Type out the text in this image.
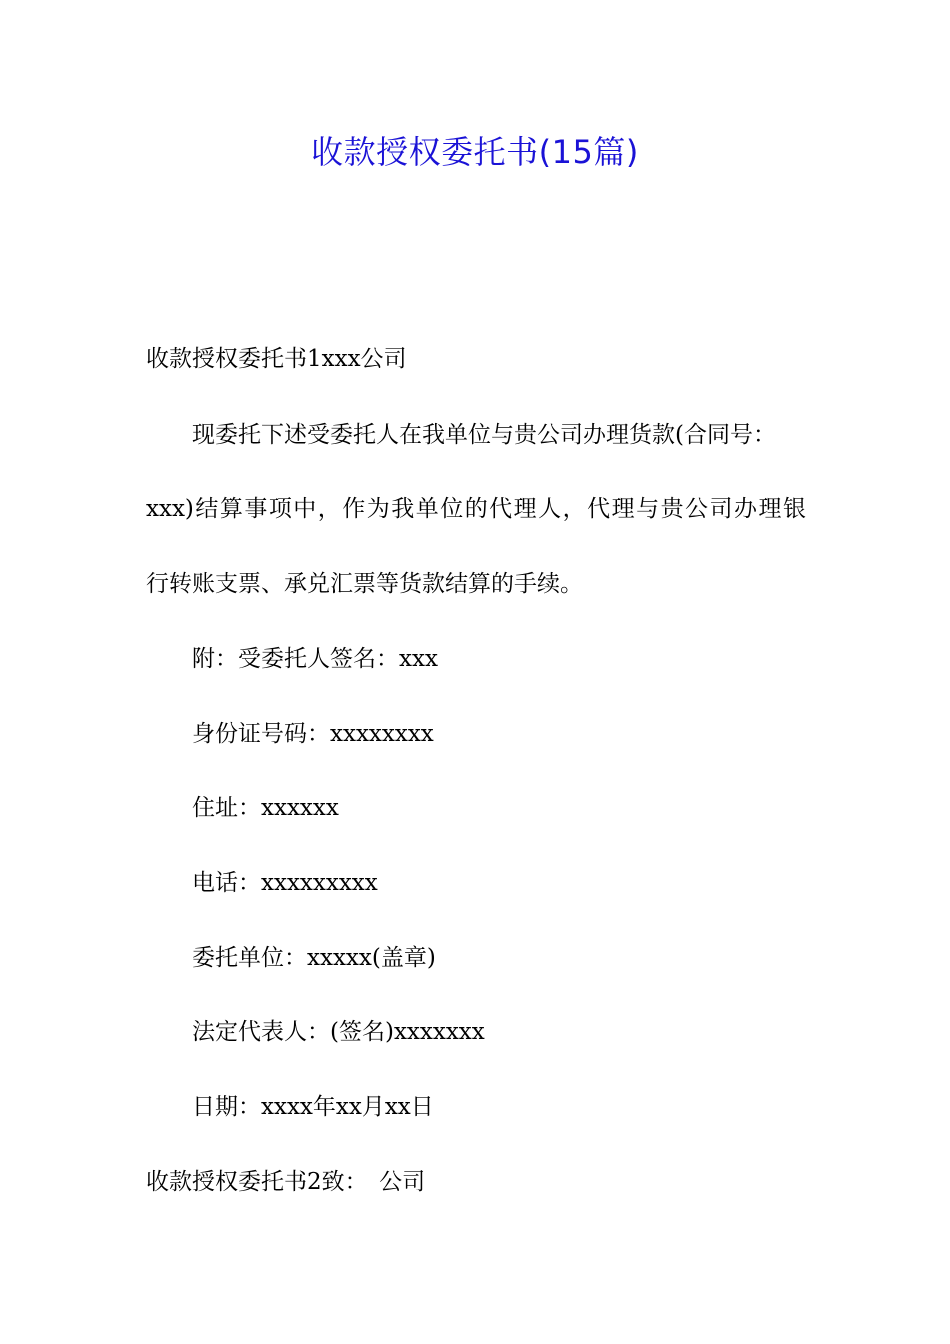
收款授权委托书(15篇)
收款授权委托书1xxx公司
现委托下述受委托人在我单位与贵公司办理货款(合同号：
xxx)结算事项中，作为我单位的代理人，代理与贵公司办理银
行转账支票、承兑汇票等货款结算的手续。
附：受委托人签名：xxx
身份证号码：xxxxxxxx
住址：xxxxxx
电话：xxxxxxxxx
委托单位：xxxxx(盖章)
法定代表人：(签名)xxxxxxx
日期：xxxx年xx月xx日
收款授权委托书2致：　公司
